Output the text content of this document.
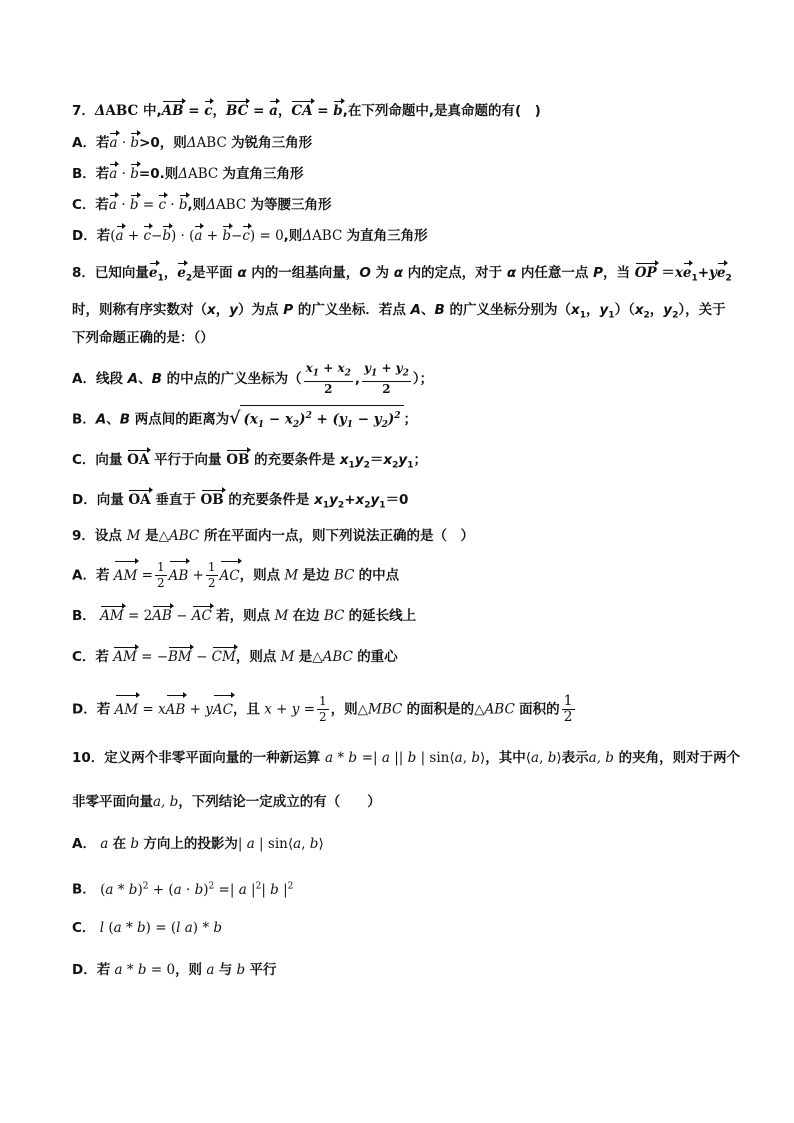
7．ΔABC 中,AB = c，BC = a，CA = b,在下列命题中,是真命题的有(　)
A．若a · b>0，则ΔABC 为锐角三角形
B．若a · b=0.则ΔABC 为直角三角形
C．若a · b = c · b,则ΔABC 为等腰三角形
D．若(a + c−b) · (a + b−c) = 0,则ΔABC 为直角三角形
8．已知向量$e_1$，$e_2$是平面 α 内的一组基向量，O 为 α 内的定点，对于 α 内任意一点 P，当 OP $=xe_1+ye_2$
时，则称有序实数对（x，y）为点 P 的广义坐标．若点 A、B 的广义坐标分别为（$x_1$，$y_1)(x_2$，$y_2$），关于
下列命题正确的是：（）
A．线段 A、B 的中点的广义坐标为（ $\frac{x_1 + x_2}{2}$ , $\frac{y_1 + y_2}{2}$ ）；
B．A、B 两点间的距离为√ $(x_1 - x_2)^2 + (y_1 - y_2)^2$ ；
C．向量 OA 平行于向量 OB 的充要条件是 $x_1y_2=x_2y_1$；
D．向量 OA 垂直于 OB 的充要条件是 $x_1y_2+x_2y_1=0$
9．设点 M 是△ABC 所在平面内一点，则下列说法正确的是（　）
A．若 AM = $\frac{1}{2}$ AB + $\frac{1}{2}$ AC，则点 M 是边 BC 的中点
B． AM = 2AB − AC 若，则点 M 在边 BC 的延长线上
C．若 AM = −BM − CM，则点 M 是△ABC 的重心
D．若 AM = xAB + yAC，且 $x + y = \frac{1}{2}$ ，则△MBC 的面积是的△ABC 面积的 $\frac{1}{2}$
10．定义两个非零平面向量的一种新运算 a * b =| a || b | sin⟨a, b⟩，其中⟨a, b⟩表示a, b 的夹角，则对于两个
非零平面向量a, b，下列结论一定成立的有（　　）
A． a 在 b 方向上的投影为| a | sin⟨a, b⟩
B． $(a * b)^2 + (a \cdot b)^2$ =| a $|^2|$ b $|^2$
C． l (a * b) = (l a) * b
D．若 a * b = 0，则 a 与 b 平行
